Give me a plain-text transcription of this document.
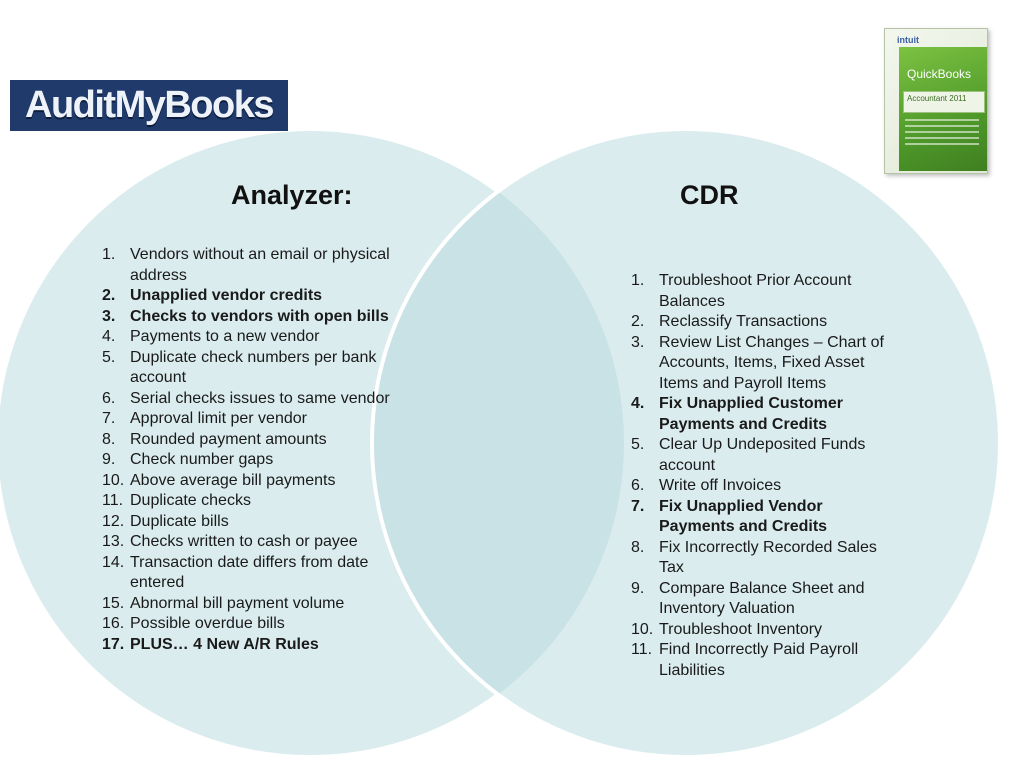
AuditMyBooks
intuit
QuickBooks
Accountant 2011
Analyzer:	CDR
1. Vendors without an email or physical address
2. Unapplied vendor credits
3. Checks to vendors with open bills
4. Payments to a new vendor
5. Duplicate check numbers per bank account
6. Serial checks issues to same vendor
7. Approval limit per vendor
8. Rounded payment amounts
9. Check number gaps
10. Above average bill payments
11. Duplicate checks
12. Duplicate bills
13. Checks written to cash or payee
14. Transaction date differs from date entered
15. Abnormal bill payment volume
16. Possible overdue bills
17. PLUS… 4 New A/R Rules
1. Troubleshoot Prior Account Balances
2. Reclassify Transactions
3. Review List Changes – Chart of Accounts, Items, Fixed Asset Items and Payroll Items
4. Fix Unapplied Customer Payments and Credits
5. Clear Up Undeposited Funds account
6. Write off Invoices
7. Fix Unapplied Vendor Payments and Credits
8. Fix Incorrectly Recorded Sales Tax
9. Compare Balance Sheet and Inventory Valuation
10. Troubleshoot Inventory
11. Find Incorrectly Paid Payroll Liabilities
